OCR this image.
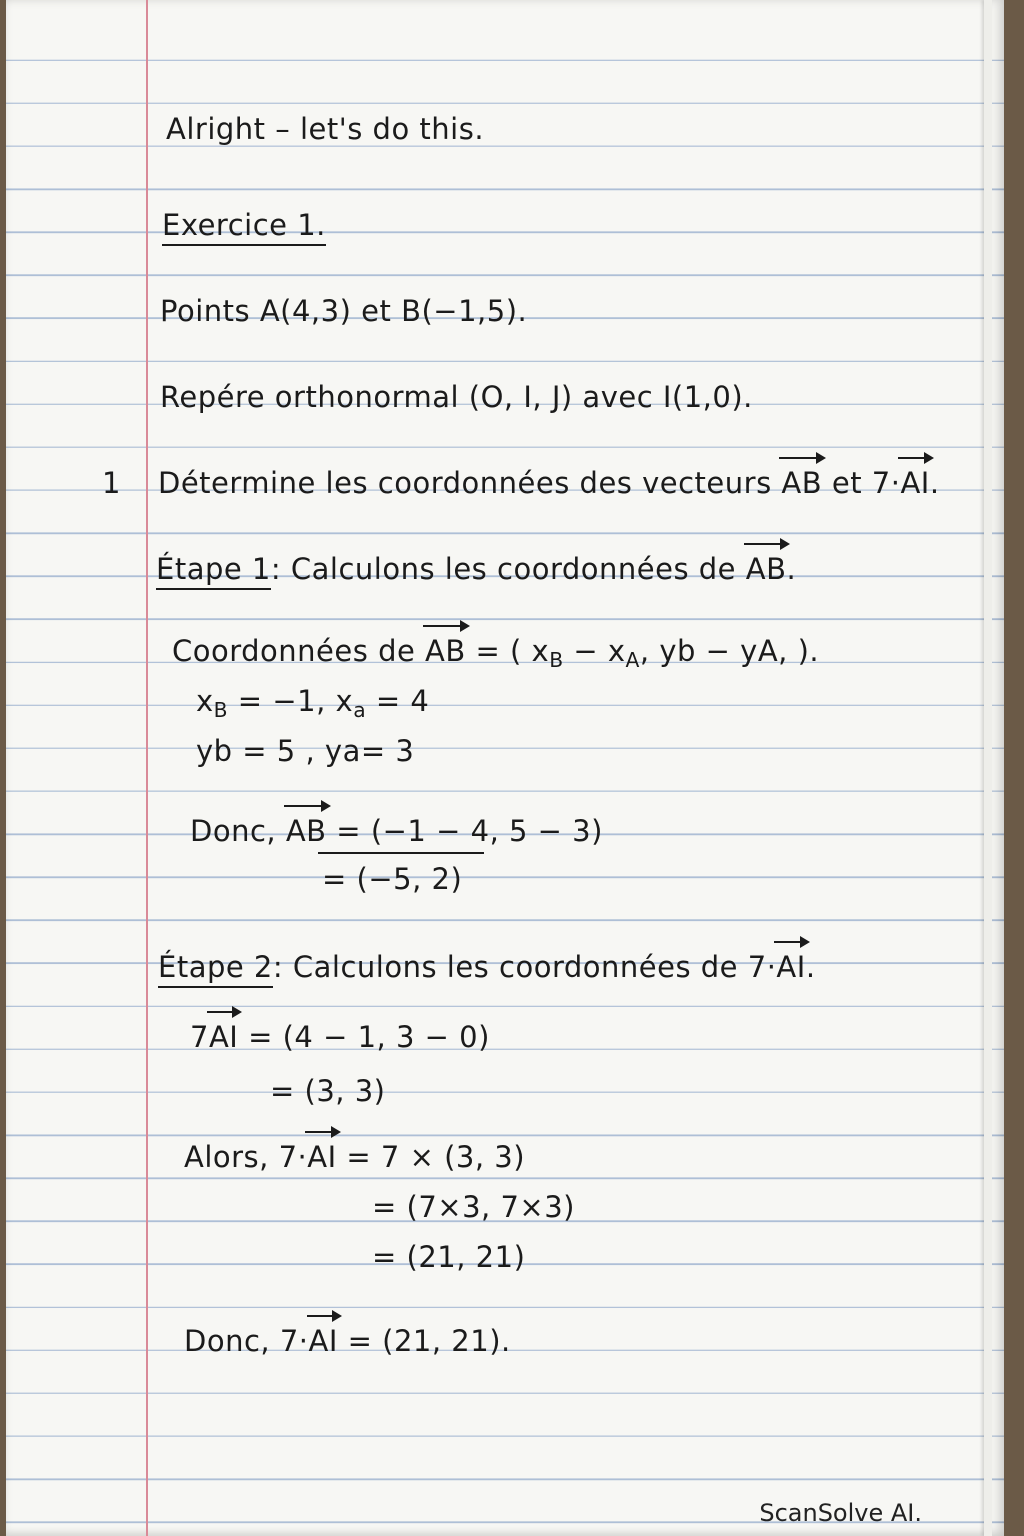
Alright – let's do this.
Exercice 1.
Points A(4,3) et B(−1,5).
Repére orthonormal (O, I, J) avec I(1,0).
1 Détermine les coordonnées des vecteurs
AB et 7·
AI.
Étape 1: Calculons les coordonnées de
AB.
Coordonnées de
AB = ( $x_B - x_A$, yb − yA, ).
$x_B = -1$, $x_a = 4$
yb = 5 , ya= 3
Donc,
AB = (−1 − 4, 5 − 3)
= (−5, 2)
Étape 2: Calculons les coordonnées de 7·
AI.
7
AI = (4 − 1, 3 − 0)
= (3, 3)
Alors, 7·
AI = 7 × (3, 3)
= (7×3, 7×3)
= (21, 21)
Donc, 7·
AI = (21, 21).
ScanSolve AI.
